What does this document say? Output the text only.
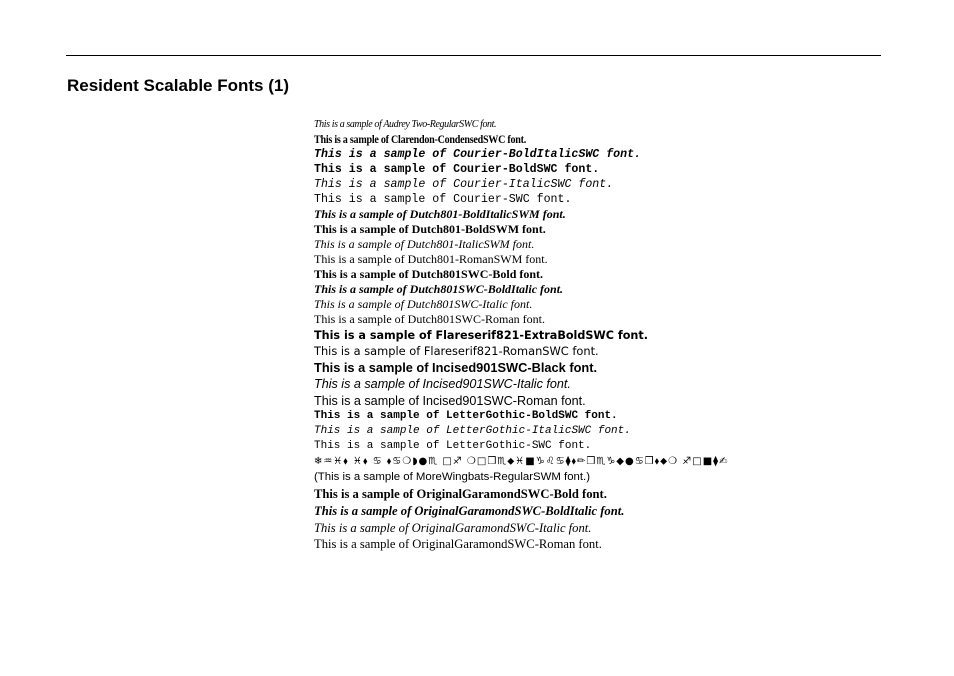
Resident Scalable Fonts (1)
This is a sample of Audrey Two-RegularSWC font.
This is a sample of Clarendon-CondensedSWC font.
This is a sample of Courier-BoldItalicSWC font.
This is a sample of Courier-BoldSWC font.
This is a sample of Courier-ItalicSWC font.
This is a sample of Courier-SWC font.
This is a sample of Dutch801-BoldItalicSWM font.
This is a sample of Dutch801-BoldSWM font.
This is a sample of Dutch801-ItalicSWM font.
This is a sample of Dutch801-RomanSWM font.
This is a sample of Dutch801SWC-Bold font.
This is a sample of Dutch801SWC-BoldItalic font.
This is a sample of Dutch801SWC-Italic font.
This is a sample of Dutch801SWC-Roman font.
This is a sample of Flareserif821-ExtraBoldSWC font.
This is a sample of Flareserif821-RomanSWC font.
This is a sample of Incised901SWC-Black font.
This is a sample of Incised901SWC-Italic font.
This is a sample of Incised901SWC-Roman font.
This is a sample of LetterGothic-BoldSWC font.
This is a sample of LetterGothic-ItalicSWC font.
This is a sample of LetterGothic-SWC font.
❄♒♓⬧ ♓⬧ ♋ ⬧♋❍◗●♏ □♐ ❍□❒♏⬥♓■♑♌♋⧫⬧✏❒♏♑◆●♋❒⬧⬥❍ ♐□■⧫✍
(This is a sample of MoreWingbats-RegularSWM font.)
This is a sample of OriginalGaramondSWC-Bold font.
This is a sample of OriginalGaramondSWC-BoldItalic font.
This is a sample of OriginalGaramondSWC-Italic font.
This is a sample of OriginalGaramondSWC-Roman font.
